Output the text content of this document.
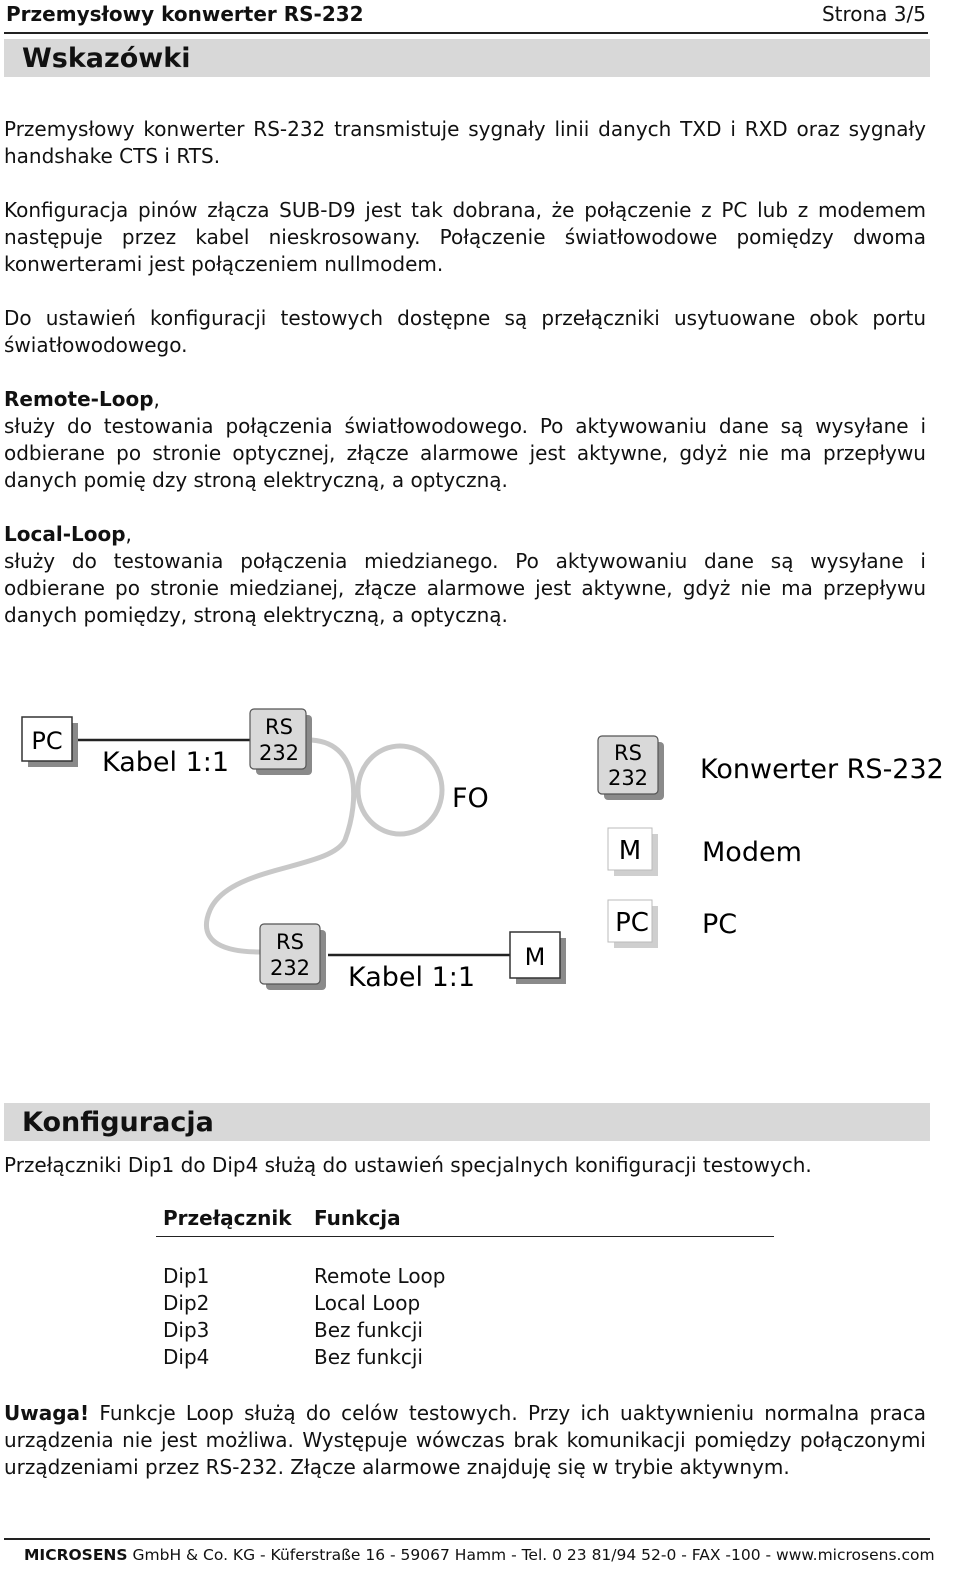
Przemysłowy konwerter RS-232	Strona 3/5
Wskazówki

Przemysłowy konwerter RS-232 transmistuje sygnały linii danych TXD i RXD oraz sygnały handshake CTS i RTS.

Konfiguracja pinów złącza SUB-D9 jest tak dobrana, że połączenie z PC lub z modemem następuje przez kabel nieskrosowany. Połączenie światłowodowe pomiędzy dwoma konwerterami jest połączeniem nullmodem.

Do ustawień konfiguracji testowych dostępne są przełączniki usytuowane obok portu światłowodowego.

Remote-Loop,
służy do testowania połączenia światłowodowego. Po aktywowaniu dane są wysyłane i odbierane po stronie optycznej, złącze alarmowe jest aktywne, gdyż nie ma przepływu danych pomię dzy stroną elektryczną, a optyczną.
Local-Loop,
służy do testowania połączenia miedzianego. Po aktywowaniu dane są wysyłane i odbierane po stronie miedzianej, złącze alarmowe jest aktywne, gdyż nie ma przepływu danych pomiędzy, stroną elektryczną, a optyczną.
PC
Kabel 1:1
RS
232
FO
RS
232 Kabel 1:1
M
RS
232 Konwerter RS-232
M Modem
PC PC
Konfiguracja

Przełączniki Dip1 do Dip4 służą do ustawień specjalnych konifiguracji testowych.

Przełącznik Funkcja
Dip1	Remote Loop
Dip2	Local Loop
Dip3	Bez funkcji
Dip4	Bez funkcji

Uwaga! Funkcje Loop służą do celów testowych. Przy ich uaktywnieniu normalna praca urządzenia nie jest możliwa. Występuje wówczas brak komunikacji pomiędzy połączonymi urządzeniami przez RS-232. Złącze alarmowe znajduję się w trybie aktywnym.

MICROSENS GmbH & Co. KG - Küferstraße 16 - 59067 Hamm - Tel. 0 23 81/94 52-0 - FAX -100 - www.microsens.com
